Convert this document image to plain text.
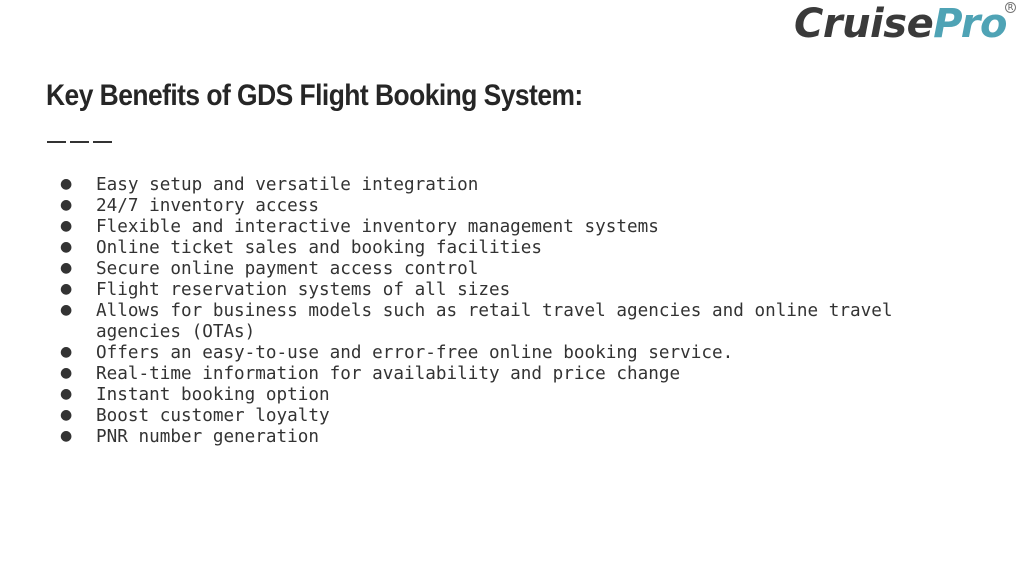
CruisePro R
Key Benefits of GDS Flight Booking System:
● Easy setup and versatile integration
● 24/7 inventory access
● Flexible and interactive inventory management systems
● Online ticket sales and booking facilities
● Secure online payment access control
● Flight reservation systems of all sizes
● Allows for business models such as retail travel agencies and online travel agencies (OTAs)
● Offers an easy-to-use and error-free online booking service.
● Real-time information for availability and price change
● Instant booking option
● Boost customer loyalty
● PNR number generation
